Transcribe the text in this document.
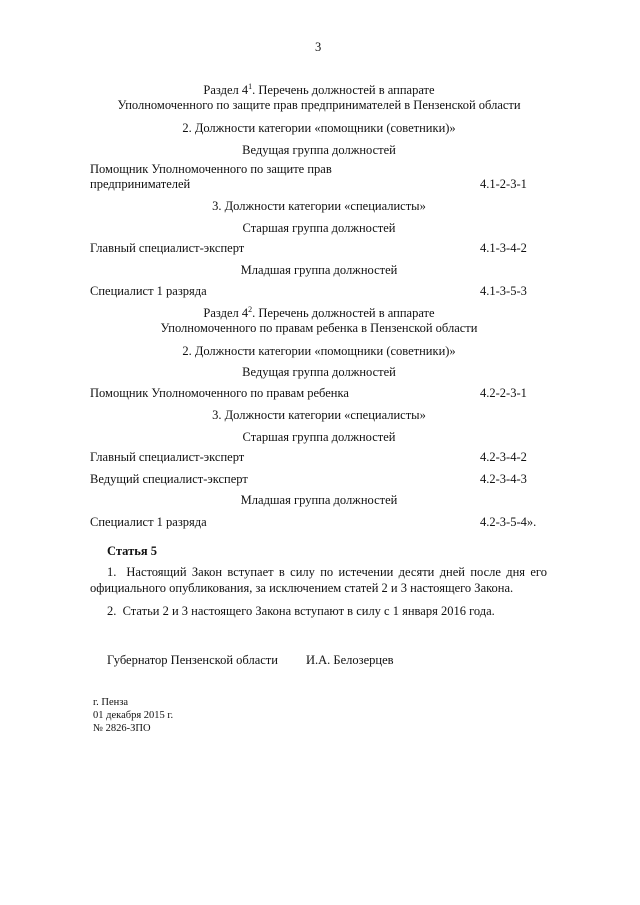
3
Раздел $4^1$. Перечень должностей в аппарате
Уполномоченного по защите прав предпринимателей в Пензенской области
2. Должности категории «помощники (советники)»
Ведущая группа должностей
Помощник Уполномоченного по защите прав
предпринимателей	4.1-2-3-1
3. Должности категории «специалисты»
Старшая группа должностей
Главный специалист-эксперт	4.1-3-4-2
Младшая группа должностей
Специалист 1 разряда	4.1-3-5-3
Раздел $4^2$. Перечень должностей в аппарате
Уполномоченного по правам ребенка в Пензенской области
2. Должности категории «помощники (советники)»
Ведущая группа должностей
Помощник Уполномоченного по правам ребенка	4.2-2-3-1
3. Должности категории «специалисты»
Старшая группа должностей
Главный специалист-эксперт	4.2-3-4-2
Ведущий специалист-эксперт	4.2-3-4-3
Младшая группа должностей
Специалист 1 разряда	4.2-3-5-4».
Статья 5
1. Настоящий Закон вступает в силу по истечении десяти дней после дня его
официального опубликования, за исключением статей 2 и 3 настоящего Закона.
2. Статьи 2 и 3 настоящего Закона вступают в силу с 1 января 2016 года.
Губернатор Пензенской области И.А. Белозерцев
г. Пенза
01 декабря 2015 г.
№ 2826-ЗПО
